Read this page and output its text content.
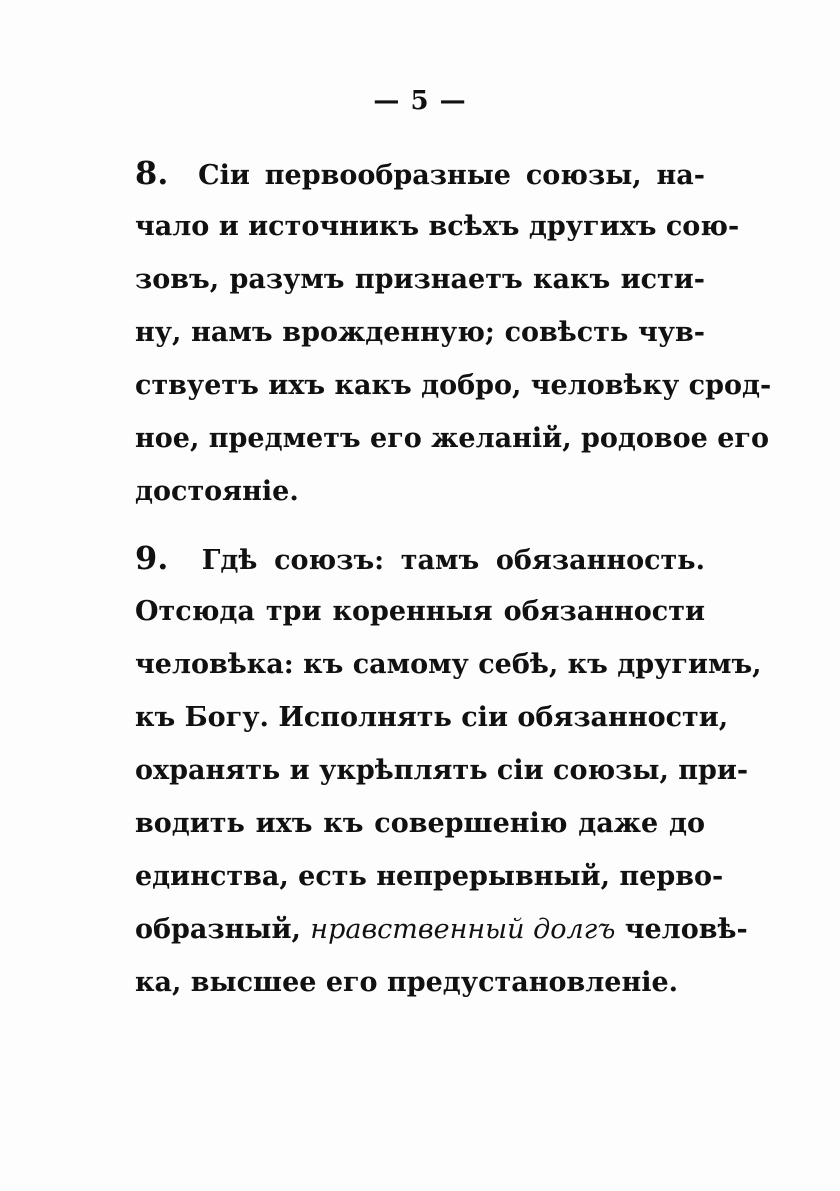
— 5 —
8. Сіи первообразные союзы, на-
чало и источникъ всѣхъ другихъ сою-
зовъ, разумъ признаетъ какъ исти-
ну, намъ врожденную; совѣсть чув-
ствуетъ ихъ какъ добро, человѣку срод-
ное, предметъ его желаній, родовое его
достояніе.
9. Гдѣ союзъ: тамъ обязанность.
Отсюда три коренныя обязанности
человѣка: къ самому себѣ, къ другимъ,
къ Богу. Исполнять сіи обязанности,
охранять и укрѣплять сіи союзы, при-
водить ихъ къ совершенію даже до
единства, есть непрерывный, перво-
образный, нравственный долгъ человѣ-
ка, высшее его предустановленіе.
